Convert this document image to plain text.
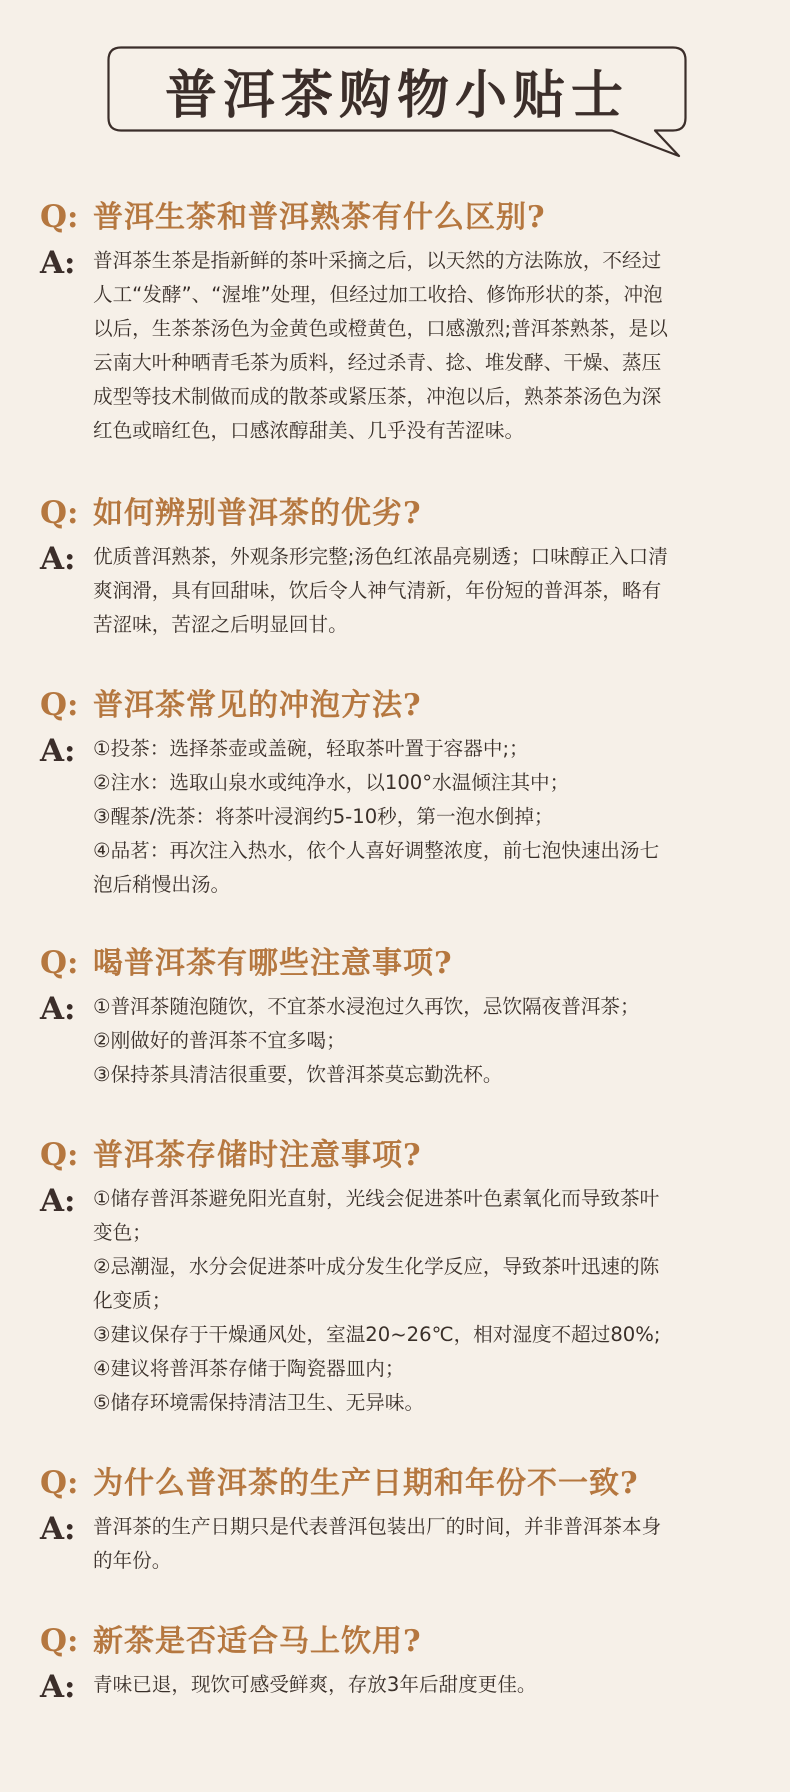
普洱茶购物小贴士
Q: 普洱生茶和普洱熟茶有什么区别?
A: 普洱茶生茶是指新鲜的茶叶采摘之后，以天然的方法陈放，不经过
人工“发酵”、“渥堆”处理，但经过加工收拾、修饰形状的茶，冲泡
以后，生茶茶汤色为金黄色或橙黄色，口感激烈;普洱茶熟茶，是以
云南大叶种晒青毛茶为质料，经过杀青、捻、堆发酵、干燥、蒸压
成型等技术制做而成的散茶或紧压茶，冲泡以后，熟茶茶汤色为深
红色或暗红色，口感浓醇甜美、几乎没有苦涩味。
Q: 如何辨别普洱茶的优劣?
A: 优质普洱熟茶，外观条形完整;汤色红浓晶亮剔透；口味醇正入口清
爽润滑，具有回甜味，饮后令人神气清新，年份短的普洱茶，略有
苦涩味，苦涩之后明显回甘。
Q: 普洱茶常见的冲泡方法?
A: ①投茶：选择茶壶或盖碗，轻取茶叶置于容器中;；
②注水：选取山泉水或纯净水，以100°水温倾注其中；
③醒茶/洗茶：将茶叶浸润约5-10秒，第一泡水倒掉；
④品茗：再次注入热水，依个人喜好调整浓度，前七泡快速出汤七
泡后稍慢出汤。
Q: 喝普洱茶有哪些注意事项?
A: ①普洱茶随泡随饮，不宜茶水浸泡过久再饮，忌饮隔夜普洱茶；
②刚做好的普洱茶不宜多喝；
③保持茶具清洁很重要，饮普洱茶莫忘勤洗杯。
Q: 普洱茶存储时注意事项?
A: ①储存普洱茶避免阳光直射，光线会促进茶叶色素氧化而导致茶叶
变色；
②忌潮湿，水分会促进茶叶成分发生化学反应，导致茶叶迅速的陈
化变质；
③建议保存于干燥通风处，室温20~26℃，相对湿度不超过80%;
④建议将普洱茶存储于陶瓷器皿内；
⑤储存环境需保持清洁卫生、无异味。
Q: 为什么普洱茶的生产日期和年份不一致?
A: 普洱茶的生产日期只是代表普洱包装出厂的时间，并非普洱茶本身
的年份。
Q: 新茶是否适合马上饮用?
A: 青味已退，现饮可感受鲜爽，存放3年后甜度更佳。
